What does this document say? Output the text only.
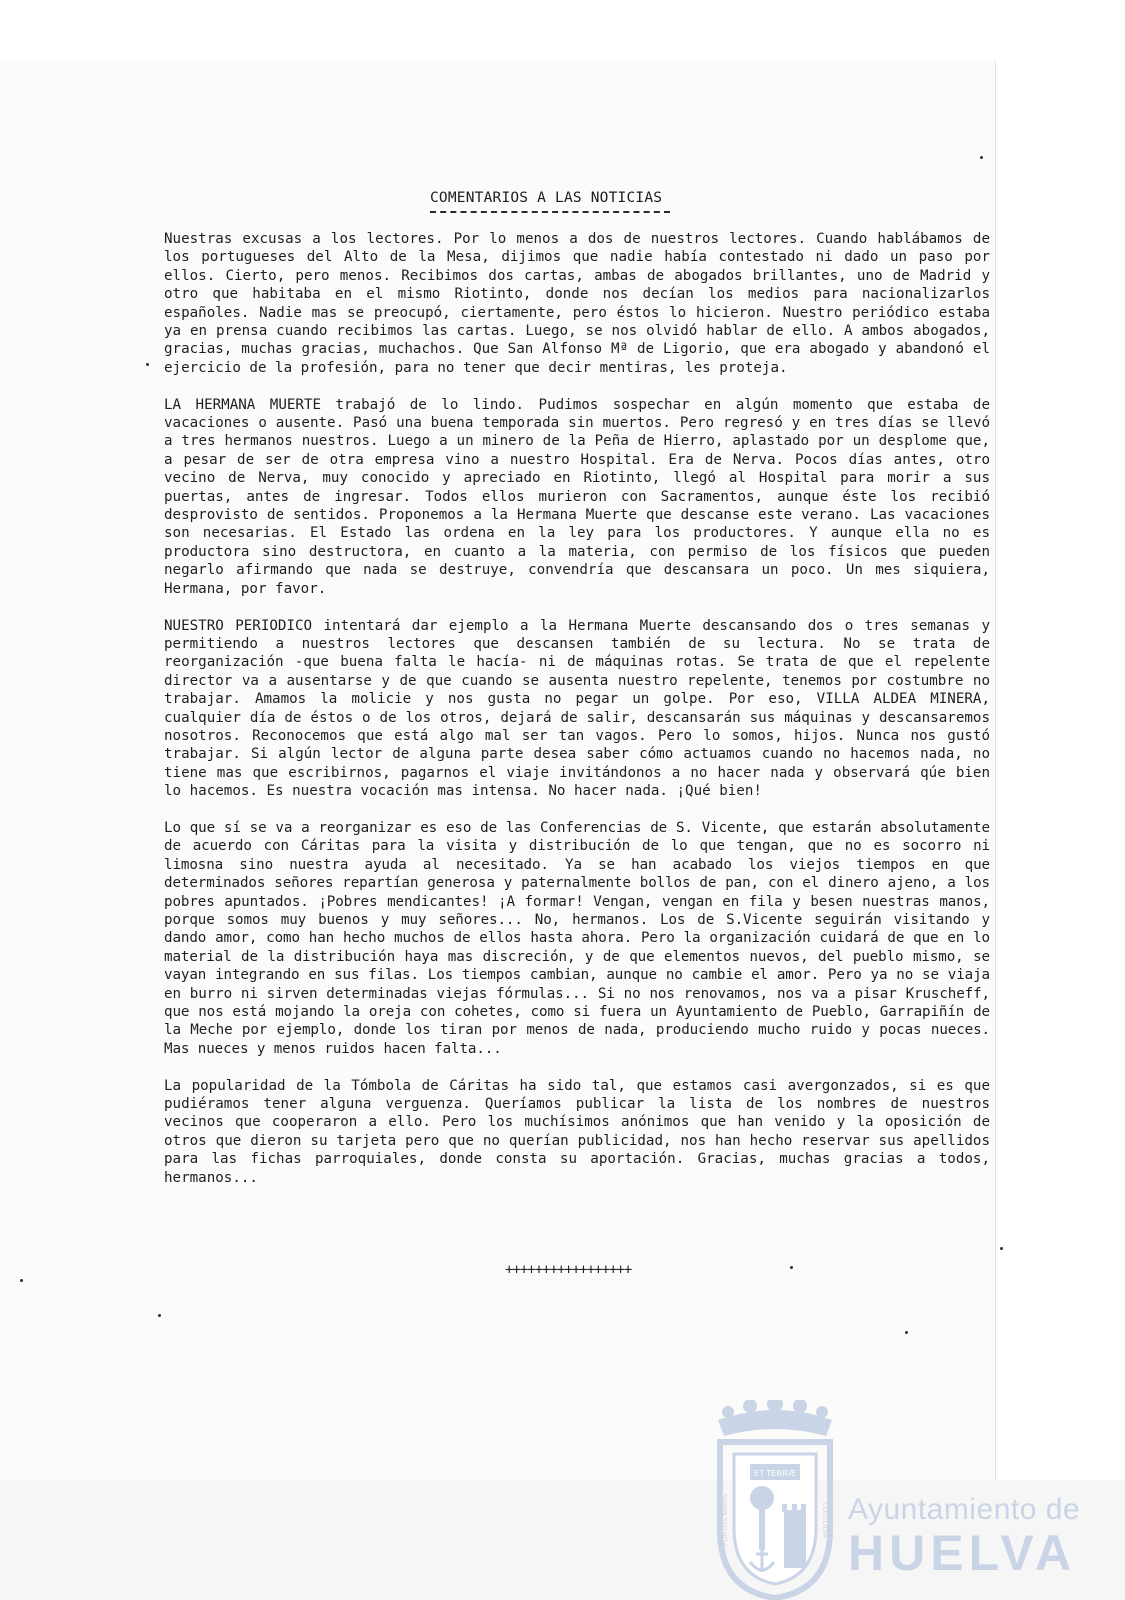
COMENTARIOS A LAS NOTICIAS

Nuestras excusas a los lectores. Por lo menos a dos de nuestros lectores. Cuando hablábamos de los portugueses del Alto de la Mesa, dijimos que nadie había contestado ni dado un paso por ellos. Cierto, pero menos. Recibimos dos cartas, ambas de abogados brillantes, uno de Madrid y otro que habitaba en el mismo Riotinto, donde nos decían los medios para nacionalizarlos españoles. Nadie mas se preocupó, ciertamente, pero éstos lo hicieron. Nuestro periódico estaba ya en prensa cuando recibimos las cartas. Luego, se nos olvidó hablar de ello. A ambos abogados, gracias, muchas gracias, muchachos. Que San Alfonso Mª de Ligorio, que era abogado y abandonó el ejercicio de la profesión, para no tener que decir mentiras, les proteja.

LA HERMANA MUERTE trabajó de lo lindo. Pudimos sospechar en algún momento que estaba de vacaciones o ausente. Pasó una buena temporada sin muertos. Pero regresó y en tres días se llevó a tres hermanos nuestros. Luego a un minero de la Peña de Hierro, aplastado por un desplome que, a pesar de ser de otra empresa vino a nuestro Hospital. Era de Nerva. Pocos días antes, otro vecino de Nerva, muy conocido y apreciado en Riotinto, llegó al Hospital para morir a sus puertas, antes de ingresar. Todos ellos murieron con Sacramentos, aunque éste los recibió desprovisto de sentidos. Proponemos a la Hermana Muerte que descanse este verano. Las vacaciones son necesarias. El Estado las ordena en la ley para los productores. Y aunque ella no es productora sino destructora, en cuanto a la materia, con permiso de los físicos que pueden negarlo afirmando que nada se destruye, convendría que descansara un poco. Un mes siquiera, Hermana, por favor.

NUESTRO PERIODICO intentará dar ejemplo a la Hermana Muerte descansando dos o tres semanas y permitiendo a nuestros lectores que descansen también de su lectura. No se trata de reorganización -que buena falta le hacía- ni de máquinas rotas. Se trata de que el repelente director va a ausentarse y de que cuando se ausenta nuestro repelente, tenemos por costumbre no trabajar. Amamos la molicie y nos gusta no pegar un golpe. Por eso, VILLA ALDEA MINERA, cualquier día de éstos o de los otros, dejará de salir, descansarán sus máquinas y descansaremos nosotros. Reconocemos que está algo mal ser tan vagos. Pero lo somos, hijos. Nunca nos gustó trabajar. Si algún lector de alguna parte desea saber cómo actuamos cuando no hacemos nada, no tiene mas que escribirnos, pagarnos el viaje invitándonos a no hacer nada y observará qúe bien lo hacemos. Es nuestra vocación mas intensa. No hacer nada. ¡Qué bien!

Lo que sí se va a reorganizar es eso de las Conferencias de S. Vicente, que estarán absolutamente de acuerdo con Cáritas para la visita y distribución de lo que tengan, que no es socorro ni limosna sino nuestra ayuda al necesitado. Ya se han acabado los viejos tiempos en que determinados señores repartían generosa y paternalmente bollos de pan, con el dinero ajeno, a los pobres apuntados. ¡Pobres mendicantes! ¡A formar! Vengan, vengan en fila y besen nuestras manos, porque somos muy buenos y muy señores... No, hermanos. Los de S.Vicente seguirán visitando y dando amor, como han hecho muchos de ellos hasta ahora. Pero la organización cuidará de que en lo material de la distribución haya mas discreción, y de que elementos nuevos, del pueblo mismo, se vayan integrando en sus filas. Los tiempos cambian, aunque no cambie el amor. Pero ya no se viaja en burro ni sirven determinadas viejas fórmulas... Si no nos renovamos, nos va a pisar Kruscheff, que nos está mojando la oreja con cohetes, como si fuera un Ayuntamiento de Pueblo, Garrapiñín de la Meche por ejemplo, donde los tiran por menos de nada, produciendo mucho ruido y pocas nueces. Mas nueces y menos ruidos hacen falta...

La popularidad de la Tómbola de Cáritas ha sido tal, que estamos casi avergonzados, si es que pudiéramos tener alguna verguenza. Queríamos publicar la lista de los nombres de nuestros vecinos que cooperaron a ello. Pero los muchísimos anónimos que han venido y la oposición de otros que dieron su tarjeta pero que no querían publicidad, nos han hecho reservar sus apellidos para las fichas parroquiales, donde consta su aportación. Gracias, muchas gracias a todos, hermanos...

+++++++++++++++++
ET TERRÆ
PORTUS MARIS	CUSTODIA Ayuntamiento de
HUELVA
